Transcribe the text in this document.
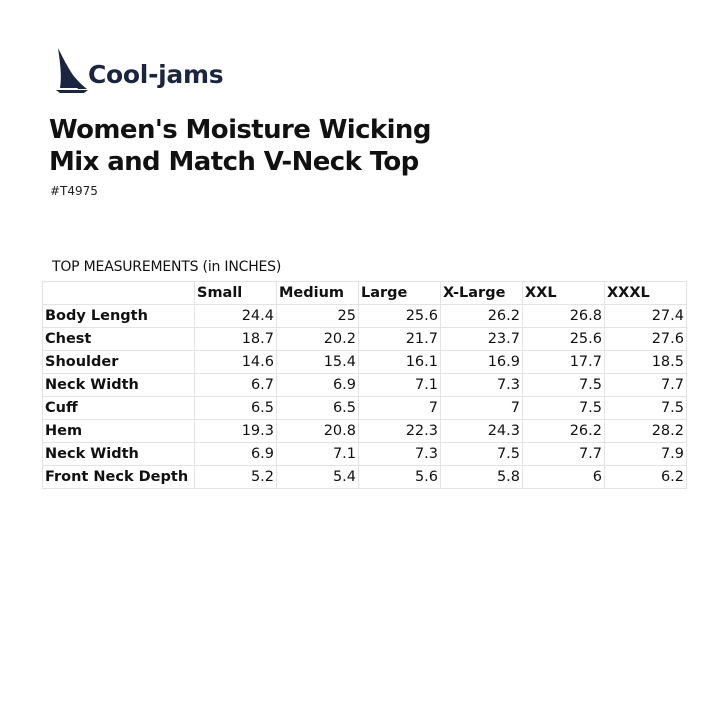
Cool-jams
Women's Moisture Wicking
Mix and Match V-Neck Top
#T4975
TOP MEASUREMENTS (in INCHES)
	Small	Medium	Large	X-Large	XXL	XXXL
Body Length	24.4	25	25.6	26.2	26.8	27.4
Chest	18.7	20.2	21.7	23.7	25.6	27.6
Shoulder	14.6	15.4	16.1	16.9	17.7	18.5
Neck Width	6.7	6.9	7.1	7.3	7.5	7.7
Cuff	6.5	6.5	7	7	7.5	7.5
Hem	19.3	20.8	22.3	24.3	26.2	28.2
Neck Width	6.9	7.1	7.3	7.5	7.7	7.9
Front Neck Depth	5.2	5.4	5.6	5.8	6	6.2
